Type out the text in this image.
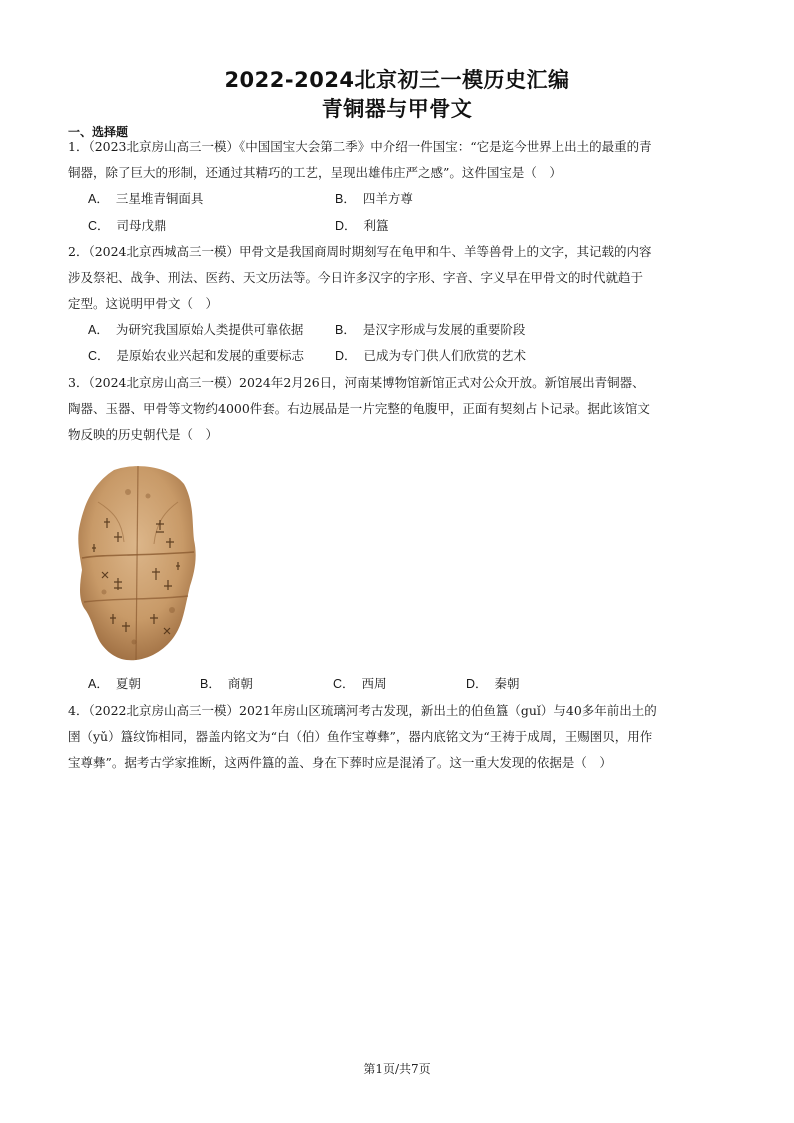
2022-2024北京初三一模历史汇编
青铜器与甲骨文
一、选择题
1．（2023北京房山高三一模）《中国国宝大会第二季》中介绍一件国宝：“它是迄今世界上出土的最重的青
铜器，除了巨大的形制，还通过其精巧的工艺，呈现出雄伟庄严之感”。这件国宝是（　）
A． 三星堆青铜面具	B． 四羊方尊
C． 司母戊鼎	D． 利簋
2．（2024北京西城高三一模）甲骨文是我国商周时期刻写在龟甲和牛、羊等兽骨上的文字，其记载的内容
涉及祭祀、战争、刑法、医药、天文历法等。今日许多汉字的字形、字音、字义早在甲骨文的时代就趋于
定型。这说明甲骨文（　）
A． 为研究我国原始人类提供可靠依据	B． 是汉字形成与发展的重要阶段
C． 是原始农业兴起和发展的重要标志 D． 已成为专门供人们欣赏的艺术
3．（2024北京房山高三一模）2024年2月26日，河南某博物馆新馆正式对公众开放。新馆展出青铜器、
陶器、玉器、甲骨等文物约4000件套。右边展品是一片完整的龟腹甲，正面有契刻占卜记录。据此该馆文
物反映的历史朝代是（　）
A． 夏朝	B． 商朝	C． 西周	D． 秦朝
4．（2022北京房山高三一模）2021年房山区琉璃河考古发现，新出土的伯鱼簋（guǐ）与40多年前出土的
圉（yǔ）簋纹饰相同，器盖内铭文为“白（伯）鱼作宝尊彝”，器内底铭文为“王祷于成周，王赐圉贝，用作
宝尊彝”。据考古学家推断，这两件簋的盖、身在下葬时应是混淆了。这一重大发现的依据是（　）
第1页/共7页
